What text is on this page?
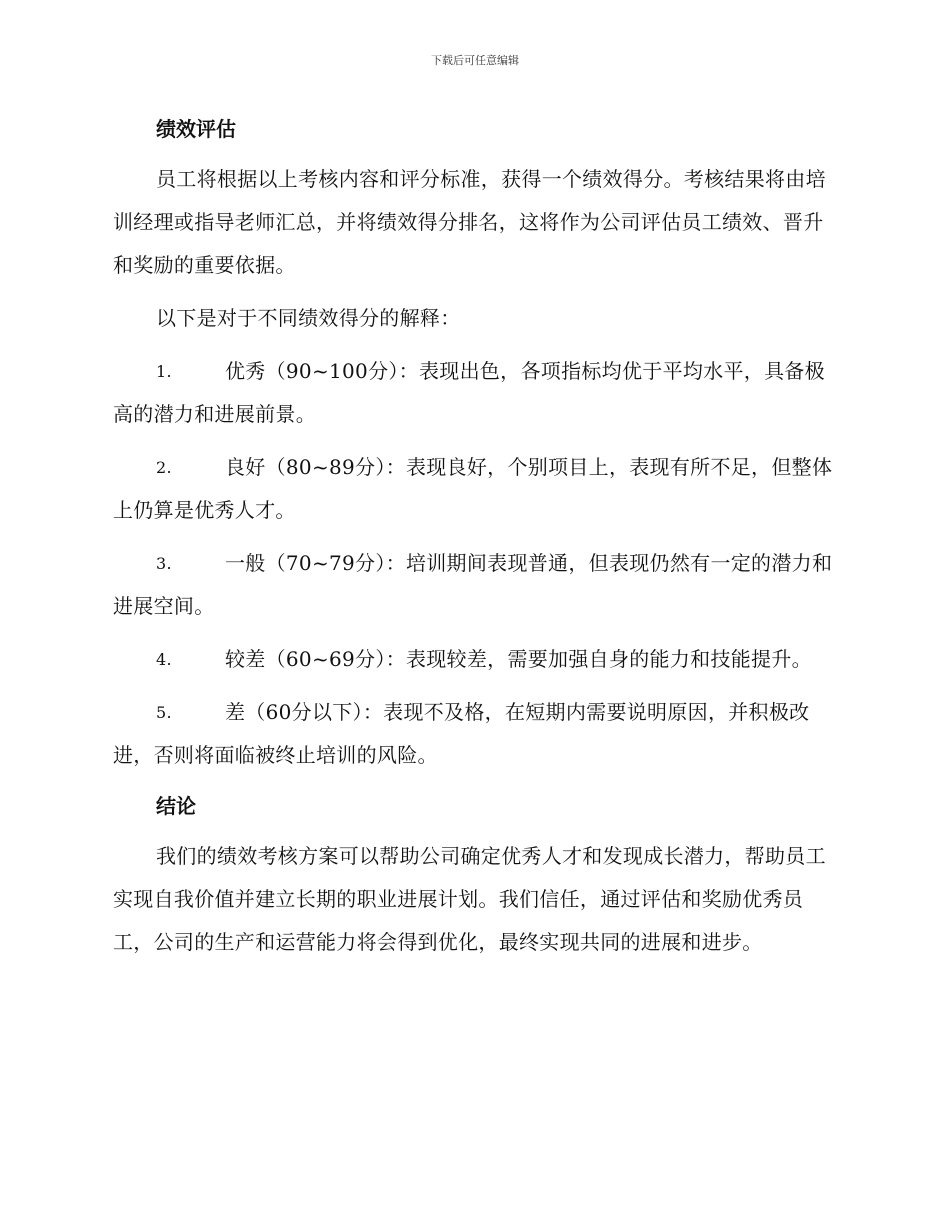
下载后可任意编辑
绩效评估

员工将根据以上考核内容和评分标准，获得一个绩效得分。考核结果将由培训经理或指导老师汇总，并将绩效得分排名，这将作为公司评估员工绩效、晋升和奖励的重要依据。

以下是对于不同绩效得分的解释：

1.	优秀（90~100分）：表现出色，各项指标均优于平均水平，具备极高的潜力和进展前景。

2.	良好（80~89分）：表现良好，个别项目上，表现有所不足，但整体上仍算是优秀人才。

3.	一般（70~79分）：培训期间表现普通，但表现仍然有一定的潜力和进展空间。

4.	较差（60~69分）：表现较差，需要加强自身的能力和技能提升。

5.	差（60分以下）：表现不及格，在短期内需要说明原因，并积极改进，否则将面临被终止培训的风险。

结论

我们的绩效考核方案可以帮助公司确定优秀人才和发现成长潜力，帮助员工实现自我价值并建立长期的职业进展计划。我们信任，通过评估和奖励优秀员工，公司的生产和运营能力将会得到优化，最终实现共同的进展和进步。
